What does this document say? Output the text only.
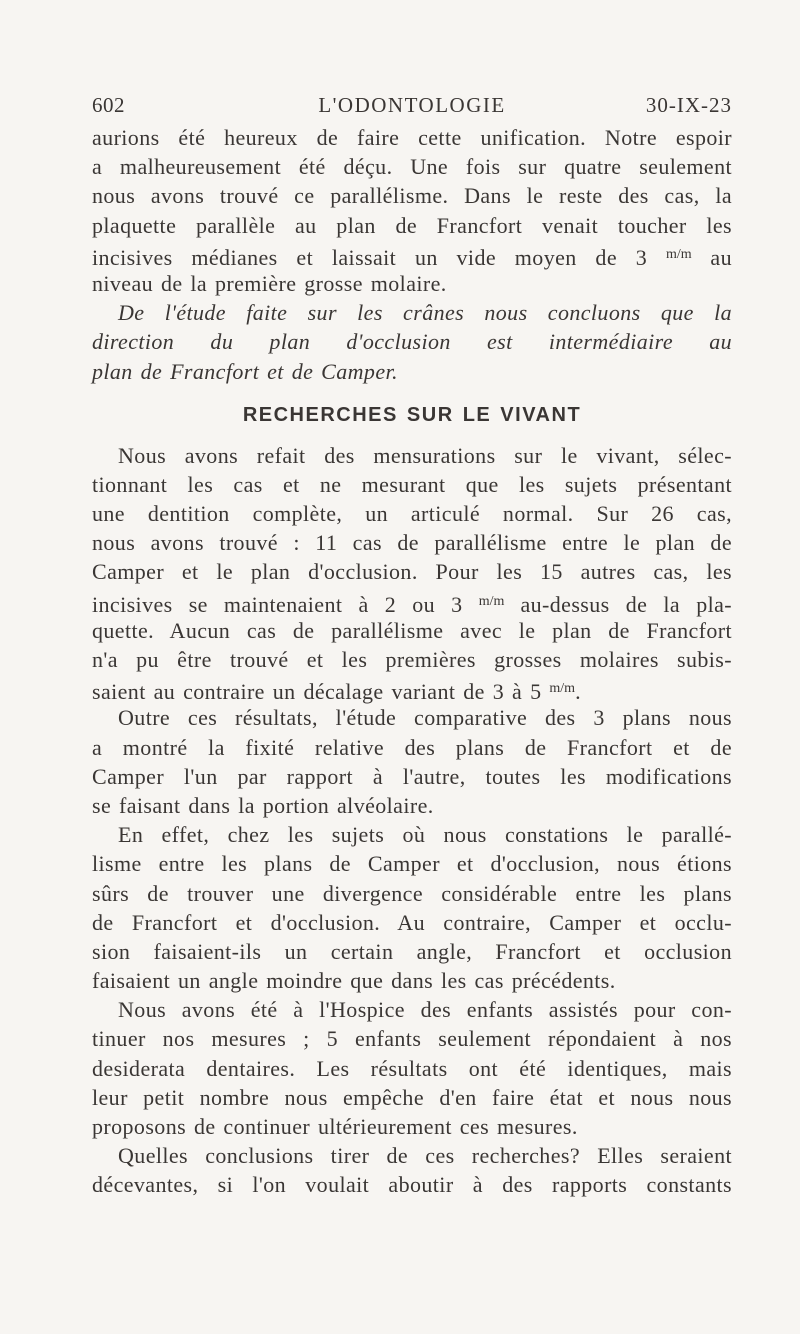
602	L'ODONTOLOGIE	30-IX-23
aurions été heureux de faire cette unification. Notre espoir
a malheureusement été déçu. Une fois sur quatre seulement
nous avons trouvé ce parallélisme. Dans le reste des cas, la
plaquette parallèle au plan de Francfort venait toucher les
incisives médianes et laissait un vide moyen de 3 $^{m/m}$ au
niveau de la première grosse molaire.
De l'étude faite sur les crânes nous concluons que la
direction du plan d'occlusion est intermédiaire au
plan de Francfort et de Camper.
RECHERCHES SUR LE VIVANT
Nous avons refait des mensurations sur le vivant, sélec-
tionnant les cas et ne mesurant que les sujets présentant
une dentition complète, un articulé normal. Sur 26 cas,
nous avons trouvé : 11 cas de parallélisme entre le plan de
Camper et le plan d'occlusion. Pour les 15 autres cas, les
incisives se maintenaient à 2 ou 3 $^{m/m}$ au-dessus de la pla-
quette. Aucun cas de parallélisme avec le plan de Francfort
n'a pu être trouvé et les premières grosses molaires subis-
saient au contraire un décalage variant de 3 à 5 $^{m/m}$.
Outre ces résultats, l'étude comparative des 3 plans nous
a montré la fixité relative des plans de Francfort et de
Camper l'un par rapport à l'autre, toutes les modifications
se faisant dans la portion alvéolaire.
En effet, chez les sujets où nous constations le parallé-
lisme entre les plans de Camper et d'occlusion, nous étions
sûrs de trouver une divergence considérable entre les plans
de Francfort et d'occlusion. Au contraire, Camper et occlu-
sion faisaient-ils un certain angle, Francfort et occlusion
faisaient un angle moindre que dans les cas précédents.
Nous avons été à l'Hospice des enfants assistés pour con-
tinuer nos mesures ; 5 enfants seulement répondaient à nos
desiderata dentaires. Les résultats ont été identiques, mais
leur petit nombre nous empêche d'en faire état et nous nous
proposons de continuer ultérieurement ces mesures.
Quelles conclusions tirer de ces recherches? Elles seraient
décevantes, si l'on voulait aboutir à des rapports constants
